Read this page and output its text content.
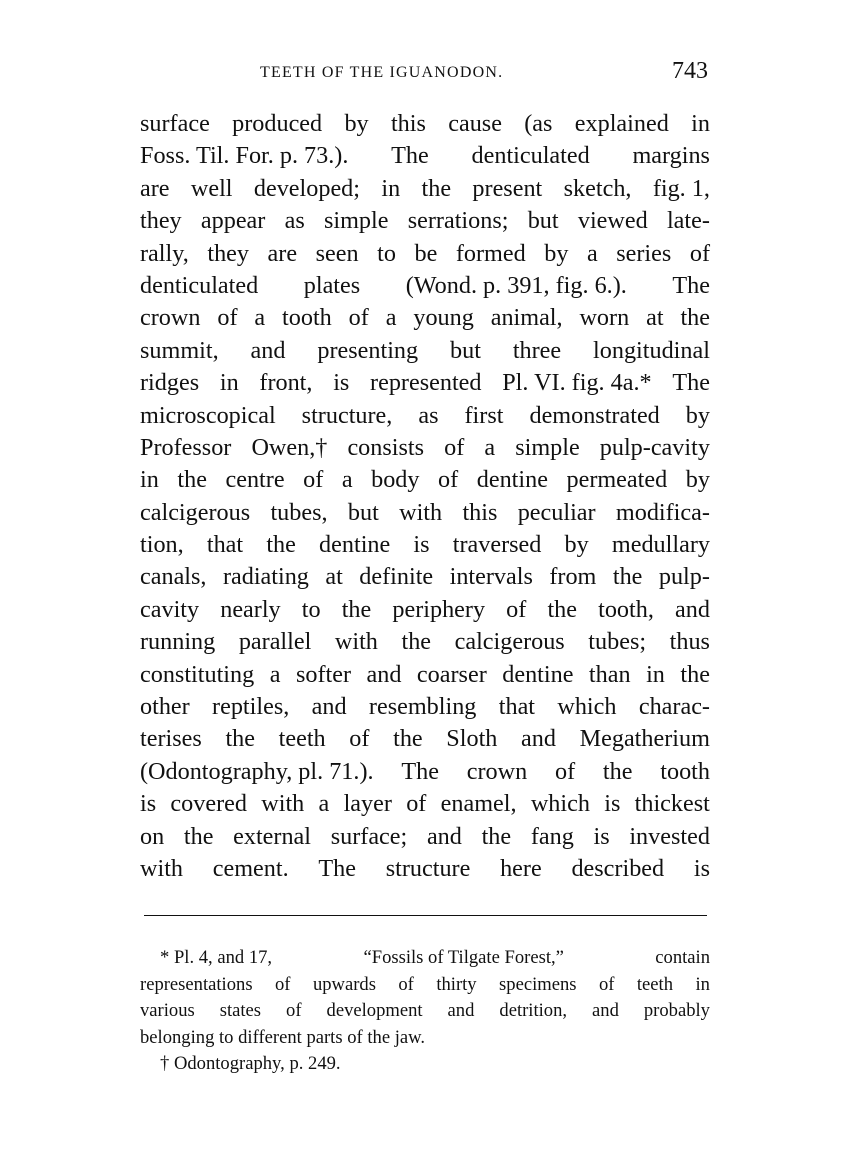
TEETH OF THE IGUANODON.	743
surface produced by this cause (as explained in
Foss. Til. For. p. 73.). The denticulated margins
are well developed; in the present sketch, fig. 1,
they appear as simple serrations; but viewed late-
rally, they are seen to be formed by a series of
denticulated plates (Wond. p. 391, fig. 6.). The
crown of a tooth of a young animal, worn at the
summit, and presenting but three longitudinal
ridges in front, is represented Pl. VI. fig. 4a.* The
microscopical structure, as first demonstrated by
Professor Owen,† consists of a simple pulp-cavity
in the centre of a body of dentine permeated by
calcigerous tubes, but with this peculiar modifica-
tion, that the dentine is traversed by medullary
canals, radiating at definite intervals from the pulp-
cavity nearly to the periphery of the tooth, and
running parallel with the calcigerous tubes; thus
constituting a softer and coarser dentine than in the
other reptiles, and resembling that which charac-
terises the teeth of the Sloth and Megatherium
(Odontography, pl. 71.). The crown of the tooth
is covered with a layer of enamel, which is thickest
on the external surface; and the fang is invested
with cement. The structure here described is
* Pl. 4, and 17,	“Fossils of Tilgate Forest,”	contain
representations of upwards of thirty specimens of teeth in
various states of development and detrition, and probably
belonging to different parts of the jaw.
† Odontography, p. 249.
